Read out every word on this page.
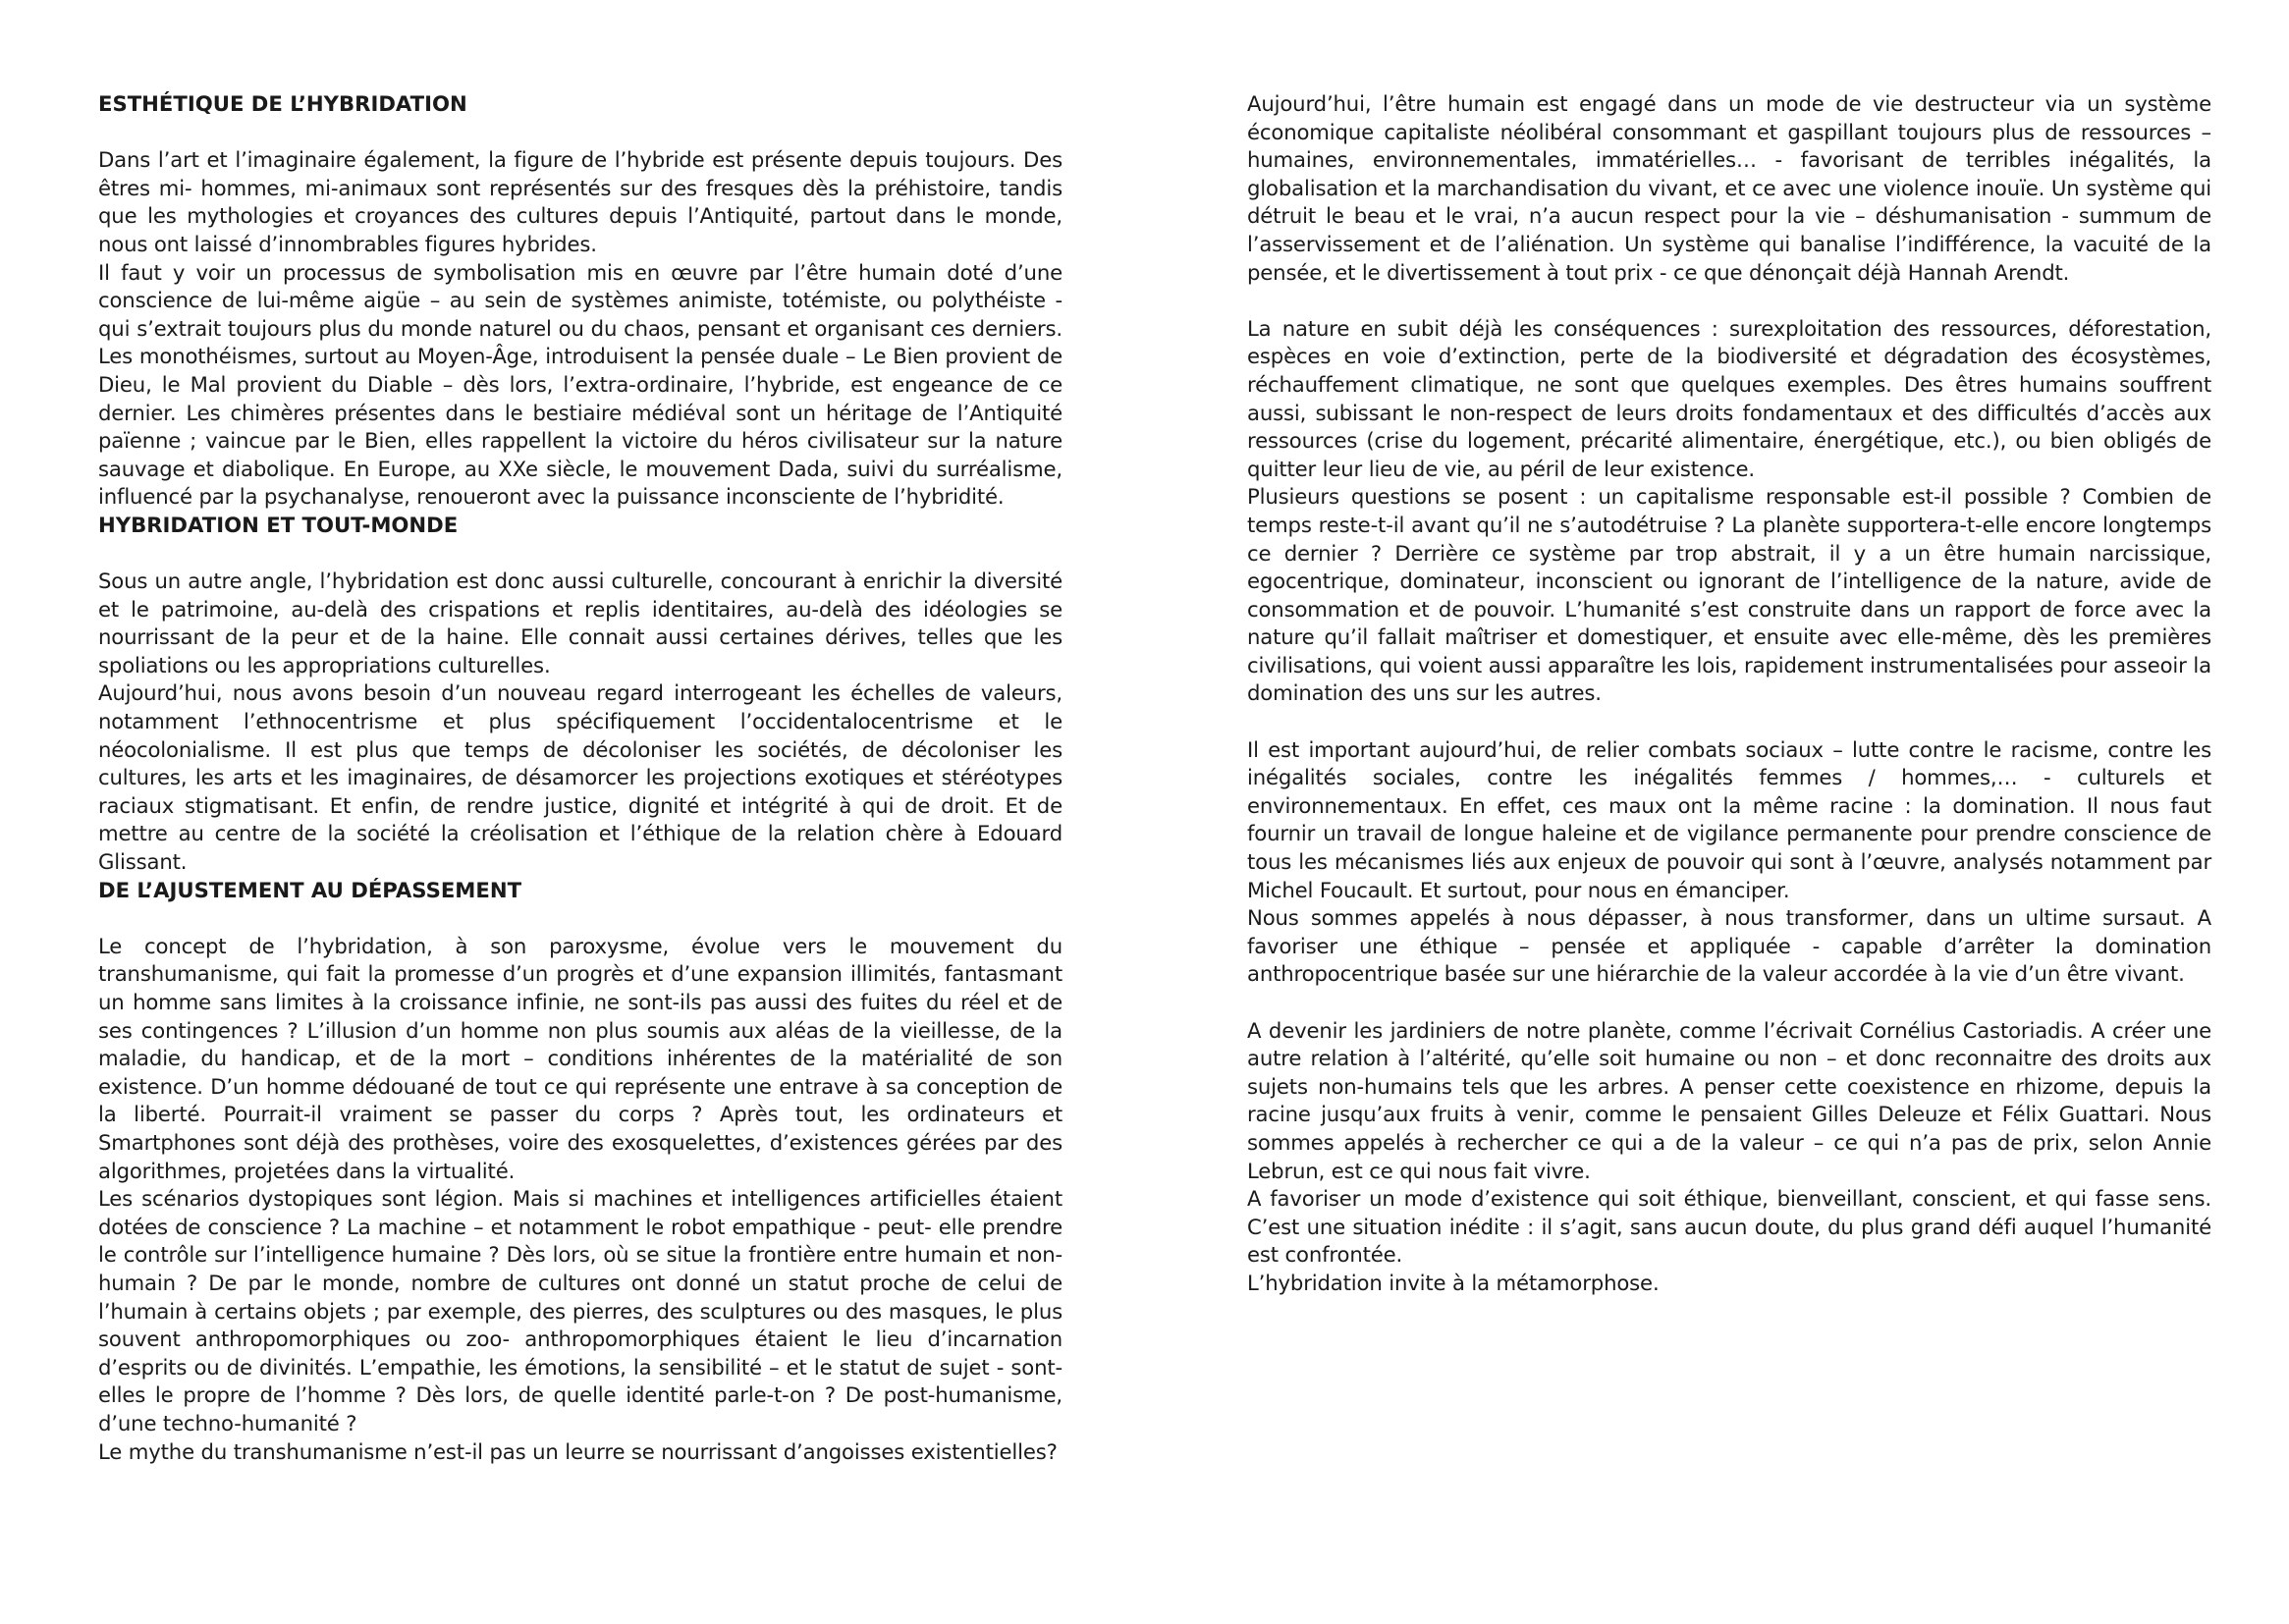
ESTHÉTIQUE DE L’HYBRIDATION

Dans l’art et l’imaginaire également, la figure de l’hybride est présente depuis toujours. Des êtres mi- hommes, mi-animaux sont représentés sur des fresques dès la préhistoire, tandis que les mythologies et croyances des cultures depuis l’Antiquité, partout dans le monde, nous ont laissé d’innombrables figures hybrides.

Il faut y voir un processus de symbolisation mis en œuvre par l’être humain doté d’une conscience de lui-même aigüe – au sein de systèmes animiste, totémiste, ou polythéiste - qui s’extrait toujours plus du monde naturel ou du chaos, pensant et organisant ces derniers. Les monothéismes, surtout au Moyen-Âge, introduisent la pensée duale – Le Bien provient de Dieu, le Mal provient du Diable – dès lors, l’extra-ordinaire, l’hybride, est engeance de ce dernier. Les chimères présentes dans le bestiaire médiéval sont un héritage de l’Antiquité païenne ; vaincue par le Bien, elles rappellent la victoire du héros civilisateur sur la nature sauvage et diabolique. En Europe, au XXe siècle, le mouvement Dada, suivi du surréalisme, influencé par la psychanalyse, renoueront avec la puissance inconsciente de l’hybridité.

HYBRIDATION ET TOUT-MONDE

Sous un autre angle, l’hybridation est donc aussi culturelle, concourant à enrichir la diversité et le patrimoine, au-delà des crispations et replis identitaires, au-delà des idéologies se nourrissant de la peur et de la haine. Elle connait aussi certaines dérives, telles que les spoliations ou les appropriations culturelles.

Aujourd’hui, nous avons besoin d’un nouveau regard interrogeant les échelles de valeurs, notamment l’ethnocentrisme et plus spécifiquement l’occidentalocentrisme et le néocolonialisme. Il est plus que temps de décoloniser les sociétés, de décoloniser les cultures, les arts et les imaginaires, de désamorcer les projections exotiques et stéréotypes raciaux stigmatisant. Et enfin, de rendre justice, dignité et intégrité à qui de droit. Et de mettre au centre de la société la créolisation et l’éthique de la relation chère à Edouard Glissant.

DE L’AJUSTEMENT AU DÉPASSEMENT

Le concept de l’hybridation, à son paroxysme, évolue vers le mouvement du transhumanisme, qui fait la promesse d’un progrès et d’une expansion illimités, fantasmant un homme sans limites à la croissance infinie, ne sont-ils pas aussi des fuites du réel et de ses contingences ? L’illusion d’un homme non plus soumis aux aléas de la vieillesse, de la maladie, du handicap, et de la mort – conditions inhérentes de la matérialité de son existence. D’un homme dédouané de tout ce qui représente une entrave à sa conception de la liberté. Pourrait-il vraiment se passer du corps ? Après tout, les ordinateurs et Smartphones sont déjà des prothèses, voire des exosquelettes, d’existences gérées par des algorithmes, projetées dans la virtualité.

Les scénarios dystopiques sont légion. Mais si machines et intelligences artificielles étaient dotées de conscience ? La machine – et notamment le robot empathique - peut- elle prendre le contrôle sur l’intelligence humaine ? Dès lors, où se situe la frontière entre humain et non-humain ? De par le monde, nombre de cultures ont donné un statut proche de celui de l’humain à certains objets ; par exemple, des pierres, des sculptures ou des masques, le plus souvent anthropomorphiques ou zoo- anthropomorphiques étaient le lieu d’incarnation d’esprits ou de divinités. L’empathie, les émotions, la sensibilité – et le statut de sujet - sont-elles le propre de l’homme ? Dès lors, de quelle identité parle-t-on ? De post-humanisme, d’une techno-humanité ?

Le mythe du transhumanisme n’est-il pas un leurre se nourrissant d’angoisses existentielles?

Aujourd’hui, l’être humain est engagé dans un mode de vie destructeur via un système économique capitaliste néolibéral consommant et gaspillant toujours plus de ressources – humaines, environnementales, immatérielles… - favorisant de terribles inégalités, la globalisation et la marchandisation du vivant, et ce avec une violence inouïe. Un système qui détruit le beau et le vrai, n’a aucun respect pour la vie – déshumanisation - summum de l’asservissement et de l’aliénation. Un système qui banalise l’indifférence, la vacuité de la pensée, et le divertissement à tout prix - ce que dénonçait déjà Hannah Arendt.

La nature en subit déjà les conséquences : surexploitation des ressources, déforestation, espèces en voie d’extinction, perte de la biodiversité et dégradation des écosystèmes, réchauffement climatique, ne sont que quelques exemples. Des êtres humains souffrent aussi, subissant le non-respect de leurs droits fondamentaux et des difficultés d’accès aux ressources (crise du logement, précarité alimentaire, énergétique, etc.), ou bien obligés de quitter leur lieu de vie, au péril de leur existence.

Plusieurs questions se posent : un capitalisme responsable est-il possible ? Combien de temps reste-t-il avant qu’il ne s’autodétruise ? La planète supportera-t-elle encore longtemps ce dernier ? Derrière ce système par trop abstrait, il y a un être humain narcissique, egocentrique, dominateur, inconscient ou ignorant de l’intelligence de la nature, avide de consommation et de pouvoir. L’humanité s’est construite dans un rapport de force avec la nature qu’il fallait maîtriser et domestiquer, et ensuite avec elle-même, dès les premières civilisations, qui voient aussi apparaître les lois, rapidement instrumentalisées pour asseoir la domination des uns sur les autres.

Il est important aujourd’hui, de relier combats sociaux – lutte contre le racisme, contre les inégalités sociales, contre les inégalités femmes / hommes,… - culturels et environnementaux. En effet, ces maux ont la même racine : la domination. Il nous faut fournir un travail de longue haleine et de vigilance permanente pour prendre conscience de tous les mécanismes liés aux enjeux de pouvoir qui sont à l’œuvre, analysés notamment par Michel Foucault. Et surtout, pour nous en émanciper.

Nous sommes appelés à nous dépasser, à nous transformer, dans un ultime sursaut. A favoriser une éthique – pensée et appliquée - capable d’arrêter la domination anthropocentrique basée sur une hiérarchie de la valeur accordée à la vie d’un être vivant.

A devenir les jardiniers de notre planète, comme l’écrivait Cornélius Castoriadis. A créer une autre relation à l’altérité, qu’elle soit humaine ou non – et donc reconnaitre des droits aux sujets non-humains tels que les arbres. A penser cette coexistence en rhizome, depuis la racine jusqu’aux fruits à venir, comme le pensaient Gilles Deleuze et Félix Guattari. Nous sommes appelés à rechercher ce qui a de la valeur – ce qui n’a pas de prix, selon Annie Lebrun, est ce qui nous fait vivre.

A favoriser un mode d’existence qui soit éthique, bienveillant, conscient, et qui fasse sens. C’est une situation inédite : il s’agit, sans aucun doute, du plus grand défi auquel l’humanité est confrontée.

L’hybridation invite à la métamorphose.
